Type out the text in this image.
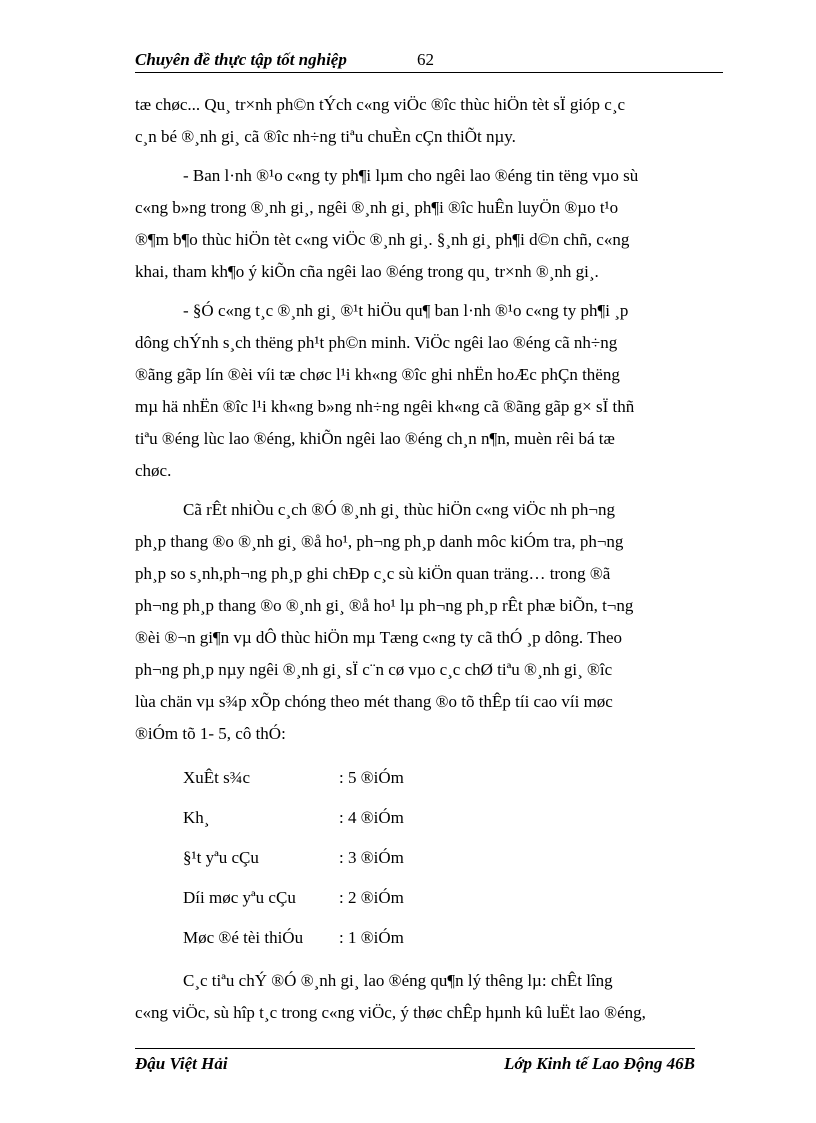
Chuyên đề thực tập tốt nghiệp	62

tæ chøc... Qu¸ tr×nh ph©n tÝch c«ng viÖc ®îc thùc hiÖn tèt sÏ gióp c¸c
c¸n bé ®¸nh gi¸ cã ®îc nh÷ng tiªu chuÈn cÇn thiÕt nµy.

- Ban l·nh ®¹o c«ng ty ph¶i lµm cho ngêi lao ®éng tin tëng vµo sù

c«ng b»ng trong ®¸nh gi¸, ngêi ®¸nh gi¸ ph¶i ®îc huÊn luyÖn ®µo t¹o
®¶m b¶o thùc hiÖn tèt c«ng viÖc ®¸nh gi¸. §¸nh gi¸ ph¶i d©n chñ, c«ng
khai, tham kh¶o ý kiÕn cña ngêi lao ®éng trong qu¸ tr×nh ®¸nh gi¸.

- §Ó c«ng t¸c ®¸nh gi¸ ®¹t hiÖu qu¶ ban l·nh ®¹o c«ng ty ph¶i ¸p

dông chÝnh s¸ch thëng ph¹t ph©n minh. ViÖc ngêi lao ®éng cã nh÷ng
®ãng gãp lín ®èi víi tæ chøc l¹i kh«ng ®îc ghi nhËn hoÆc phÇn thëng
mµ hä nhËn ®îc l¹i kh«ng b»ng nh÷ng ngêi kh«ng cã ®ãng gãp g× sÏ thñ
tiªu ®éng lùc lao ®éng, khiÕn ngêi lao ®éng ch¸n n¶n, muèn rêi bá tæ
chøc.

Cã rÊt nhiÒu c¸ch ®Ó ®¸nh gi¸ thùc hiÖn c«ng viÖc nh ph¬ng

ph¸p thang ®o ®¸nh gi¸ ®å ho¹, ph¬ng ph¸p danh môc kiÓm tra, ph¬ng
ph¸p so s¸nh,ph¬ng ph¸p ghi chÐp c¸c sù kiÖn quan träng… trong ®ã
ph¬ng ph¸p thang ®o ®¸nh gi¸ ®å ho¹ lµ ph¬ng ph¸p rÊt phæ biÕn, t¬ng
®èi ®¬n gi¶n vµ dÔ thùc hiÖn mµ Tæng c«ng ty cã thÓ ¸p dông. Theo
ph¬ng ph¸p nµy ngêi ®¸nh gi¸ sÏ c¨n cø vµo c¸c chØ tiªu ®¸nh gi¸ ®îc
lùa chän vµ s¾p xÕp chóng theo mét thang ®o tõ thÊp tíi cao víi møc
®iÓm tõ 1- 5, cô thÓ:

XuÊt s¾c	: 5 ®iÓm
Kh¸	: 4 ®iÓm
§¹t yªu cÇu	: 3 ®iÓm
Díi møc yªu cÇu	: 2 ®iÓm
Møc ®é tèi thiÓu : 1 ®iÓm

C¸c tiªu chÝ ®Ó ®¸nh gi¸ lao ®éng qu¶n lý thêng lµ: chÊt lîng

c«ng viÖc, sù hîp t¸c trong c«ng viÖc, ý thøc chÊp hµnh kû luËt lao ®éng,

Đậu Việt Hải	Lớp Kinh tế Lao Động 46B
